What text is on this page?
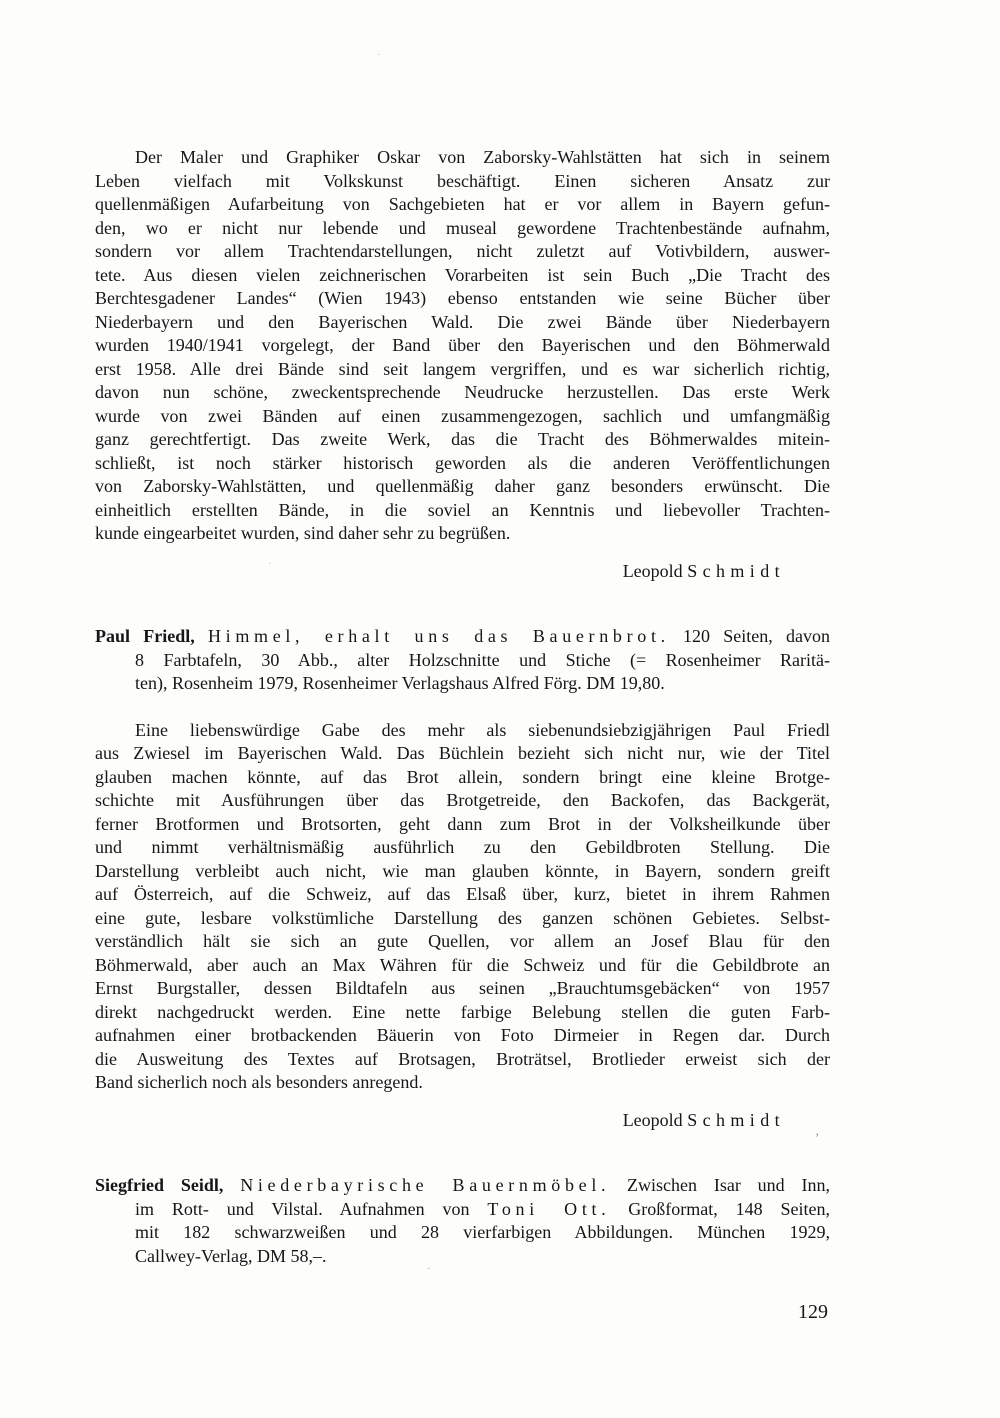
Der Maler und Graphiker Oskar von Zaborsky-Wahlstätten hat sich in seinem
Leben vielfach mit Volkskunst beschäftigt. Einen sicheren Ansatz zur
quellenmäßigen Aufarbeitung von Sachgebieten hat er vor allem in Bayern gefun-
den, wo er nicht nur lebende und museal gewordene Trachtenbestände aufnahm,
sondern vor allem Trachtendarstellungen, nicht zuletzt auf Votivbildern, auswer-
tete. Aus diesen vielen zeichnerischen Vorarbeiten ist sein Buch „Die Tracht des
Berchtesgadener Landes“ (Wien 1943) ebenso entstanden wie seine Bücher über
Niederbayern und den Bayerischen Wald. Die zwei Bände über Niederbayern
wurden 1940/1941 vorgelegt, der Band über den Bayerischen und den Böhmerwald
erst 1958. Alle drei Bände sind seit langem vergriffen, und es war sicherlich richtig,
davon nun schöne, zweckentsprechende Neudrucke herzustellen. Das erste Werk
wurde von zwei Bänden auf einen zusammengezogen, sachlich und umfangmäßig
ganz gerechtfertigt. Das zweite Werk, das die Tracht des Böhmerwaldes mitein-
schließt, ist noch stärker historisch geworden als die anderen Veröffentlichungen
von Zaborsky-Wahlstätten, und quellenmäßig daher ganz besonders erwünscht. Die
einheitlich erstellten Bände, in die soviel an Kenntnis und liebevoller Trachten-
kunde eingearbeitet wurden, sind daher sehr zu begrüßen.
Leopold Schmidt
Paul Friedl, Himmel, erhalt uns das Bauernbrot. 120 Seiten, davon
8 Farbtafeln, 30 Abb., alter Holzschnitte und Stiche (= Rosenheimer Raritä-
ten), Rosenheim 1979, Rosenheimer Verlagshaus Alfred Förg. DM 19,80.
Eine liebenswürdige Gabe des mehr als siebenundsiebzigjährigen Paul Friedl
aus Zwiesel im Bayerischen Wald. Das Büchlein bezieht sich nicht nur, wie der Titel
glauben machen könnte, auf das Brot allein, sondern bringt eine kleine Brotge-
schichte mit Ausführungen über das Brotgetreide, den Backofen, das Backgerät,
ferner Brotformen und Brotsorten, geht dann zum Brot in der Volksheilkunde über
und nimmt verhältnismäßig ausführlich zu den Gebildbroten Stellung. Die
Darstellung verbleibt auch nicht, wie man glauben könnte, in Bayern, sondern greift
auf Österreich, auf die Schweiz, auf das Elsaß über, kurz, bietet in ihrem Rahmen
eine gute, lesbare volkstümliche Darstellung des ganzen schönen Gebietes. Selbst-
verständlich hält sie sich an gute Quellen, vor allem an Josef Blau für den
Böhmerwald, aber auch an Max Währen für die Schweiz und für die Gebildbrote an
Ernst Burgstaller, dessen Bildtafeln aus seinen „Brauchtumsgebäcken“ von 1957
direkt nachgedruckt werden. Eine nette farbige Belebung stellen die guten Farb-
aufnahmen einer brotbackenden Bäuerin von Foto Dirmeier in Regen dar. Durch
die Ausweitung des Textes auf Brotsagen, Broträtsel, Brotlieder erweist sich der
Band sicherlich noch als besonders anregend.
Leopold Schmidt
Siegfried Seidl, Niederbayrische Bauernmöbel. Zwischen Isar und Inn,
im Rott- und Vilstal. Aufnahmen von Toni Ott. Großformat, 148 Seiten,
mit 182 schwarzweißen und 28 vierfarbigen Abbildungen. München 1929,
Callwey-Verlag, DM 58,–.
129
·
·
’
·
